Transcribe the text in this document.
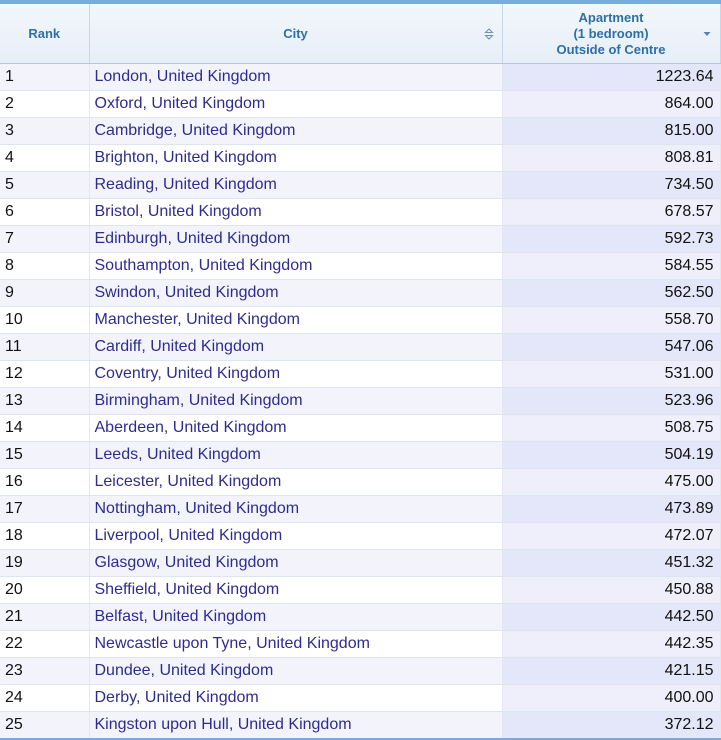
Rank	City	Apartment
(1 bedroom)
Outside of Centre

1	London, United Kingdom	1223.64
2	Oxford, United Kingdom	864.00
3	Cambridge, United Kingdom	815.00
4	Brighton, United Kingdom	808.81
5	Reading, United Kingdom	734.50
6	Bristol, United Kingdom	678.57
7	Edinburgh, United Kingdom	592.73
8	Southampton, United Kingdom	584.55
9	Swindon, United Kingdom	562.50
10	Manchester, United Kingdom	558.70
11	Cardiff, United Kingdom	547.06
12	Coventry, United Kingdom	531.00
13	Birmingham, United Kingdom	523.96
14	Aberdeen, United Kingdom	508.75
15	Leeds, United Kingdom	504.19
16	Leicester, United Kingdom	475.00
17	Nottingham, United Kingdom	473.89
18	Liverpool, United Kingdom	472.07
19	Glasgow, United Kingdom	451.32
20	Sheffield, United Kingdom	450.88
21	Belfast, United Kingdom	442.50
22	Newcastle upon Tyne, United Kingdom	442.35
23	Dundee, United Kingdom	421.15
24	Derby, United Kingdom	400.00
25	Kingston upon Hull, United Kingdom	372.12
